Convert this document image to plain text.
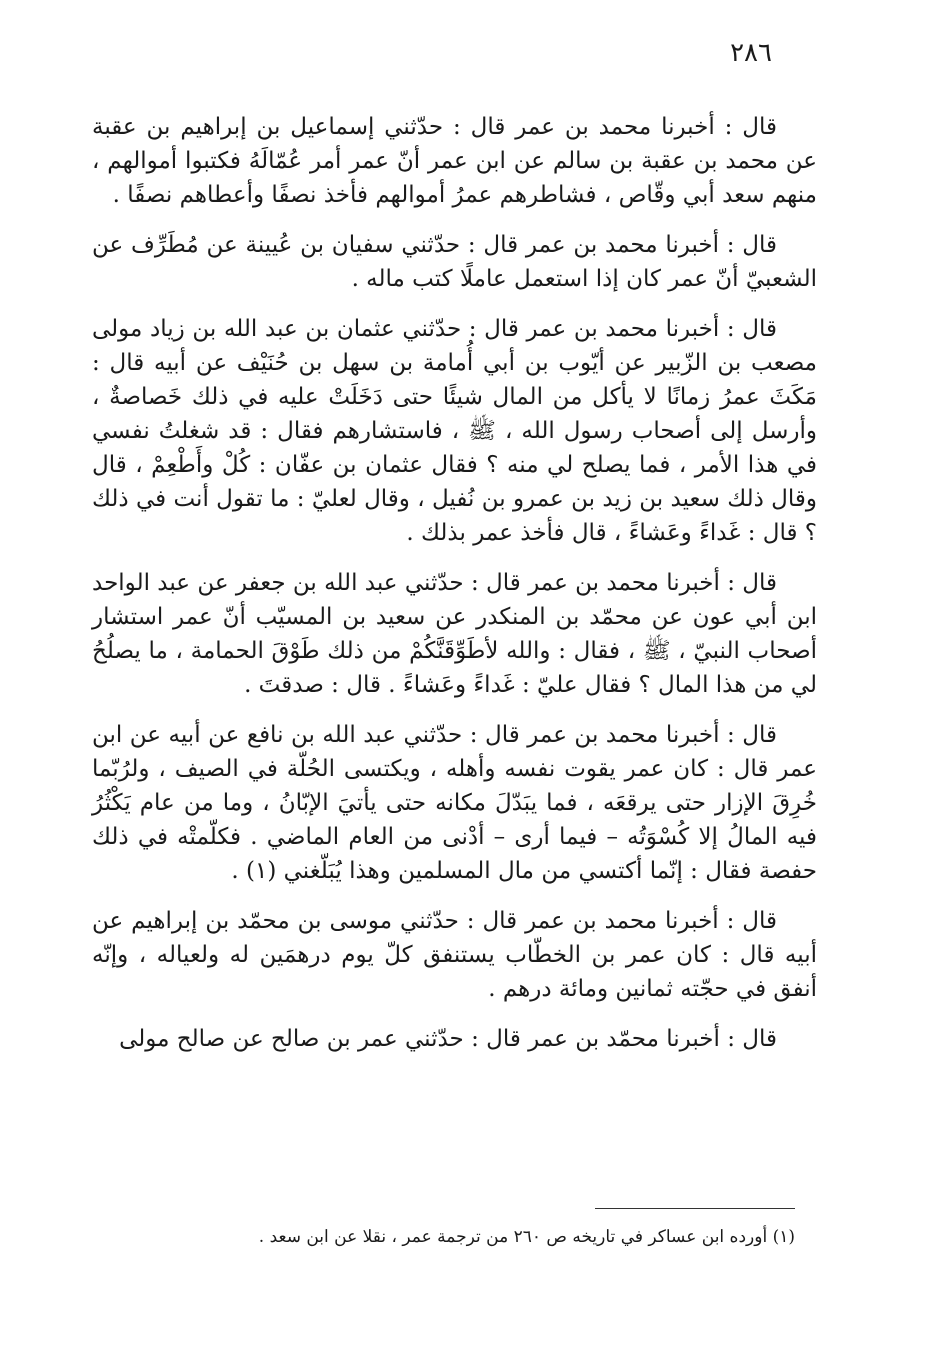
٢٨٦

قال : أخبرنا محمد بن عمر قال : حدّثني إسماعيل بن إبراهيم بن عقبة عن محمد بن عقبة بن سالم عن ابن عمر أنّ عمر أمر عُمّالَهُ فكتبوا أموالهم ، منهم سعد أبي وقّاص ، فشاطرهم عمرُ أموالهم فأخذ نصفًا وأعطاهم نصفًا .

قال : أخبرنا محمد بن عمر قال : حدّثني سفيان بن عُيينة عن مُطَرِّف عن الشعبيّ أنّ عمر كان إذا استعمل عاملًا كتب ماله .

قال : أخبرنا محمد بن عمر قال : حدّثني عثمان بن عبد الله بن زياد مولى مصعب بن الزّبير عن أيّوب بن أبي أُمامة بن سهل بن حُنَيْف عن أبيه قال : مَكَثَ عمرُ زمانًا لا يأكل من المال شيئًا حتى دَخَلَتْ عليه في ذلك خَصاصةٌ ، وأرسل إلى أصحاب رسول الله ، ﷺ ، فاستشارهم فقال : قد شغلتُ نفسي في هذا الأمر ، فما يصلح لي منه ؟ فقال عثمان بن عفّان : كُلْ وأَطْعِمْ ، قال وقال ذلك سعيد بن زيد بن عمرو بن نُفيل ، وقال لعليّ : ما تقول أنت في ذلك ؟ قال : غَداءً وعَشاءً ، قال فأخذ عمر بذلك .

قال : أخبرنا محمد بن عمر قال : حدّثني عبد الله بن جعفر عن عبد الواحد ابن أبي عون عن محمّد بن المنكدر عن سعيد بن المسيّب أنّ عمر استشار أصحاب النبيّ ، ﷺ ، فقال : والله لأطَوِّقَنَّكُمْ من ذلك طَوْقَ الحمامة ، ما يصلُحُ لي من هذا المال ؟ فقال عليّ : غَداءً وعَشاءً . قال : صدقتَ .

قال : أخبرنا محمد بن عمر قال : حدّثني عبد الله بن نافع عن أبيه عن ابن عمر قال : كان عمر يقوت نفسه وأهله ، ويكتسى الحُلّة في الصيف ، ولرُبّما خُرِقَ الإزار حتى يرقعَه ، فما يبَدّلَ مكانه حتى يأتيَ الإبّانُ ، وما من عام يَكْثُرُ فيه المالُ إلا كُسْوَتُه – فيما أرى – أدْنى من العام الماضي . فكلّمتْه في ذلك حفصة فقال : إنّما أكتسي من مال المسلمين وهذا يُبَلّغني (١) .

قال : أخبرنا محمد بن عمر قال : حدّثني موسى بن محمّد بن إبراهيم عن أبيه قال : كان عمر بن الخطّاب يستنفق كلّ يوم درهمَين له ولعياله ، وإنّه أنفق في حجّته ثمانين ومائة درهم .

قال : أخبرنا محمّد بن عمر قال : حدّثني عمر بن صالح عن صالح مولى

(١) أورده ابن عساكر في تاريخه ص ٢٦٠ من ترجمة عمر ، نقلا عن ابن سعد .
